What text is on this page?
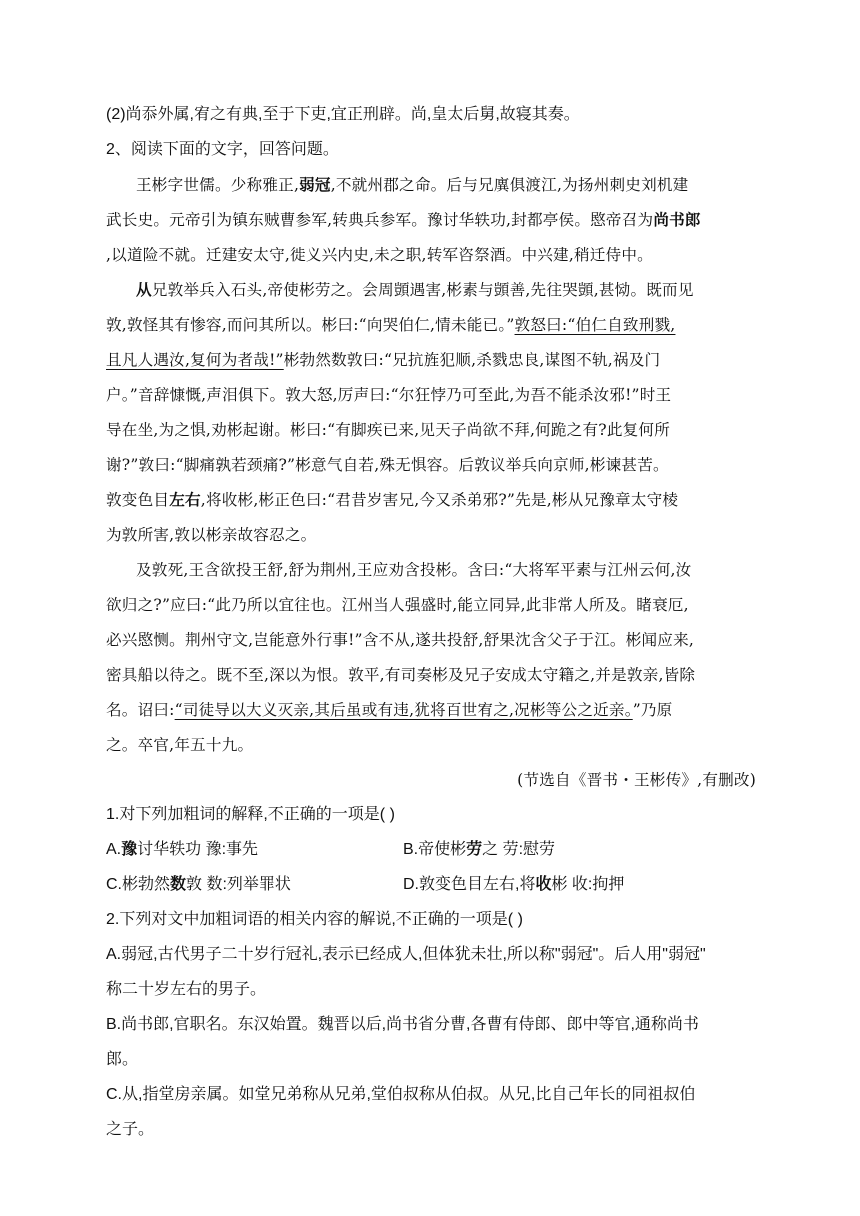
(2)尚忝外属,宥之有典,至于下吏,宜正刑辟。尚,皇太后舅,故寝其奏。
2、阅读下面的文字，回答问题。
王彬字世儒。少称雅正,弱冠,不就州郡之命。后与兄廙俱渡江,为扬州刺史刘机建
武长史。元帝引为镇东贼曹参军,转典兵参军。豫讨华轶功,封都亭侯。愍帝召为尚书郎
,以道险不就。迁建安太守,徙义兴内史,未之职,转军咨祭酒。中兴建,稍迁侍中。
从兄敦举兵入石头,帝使彬劳之。会周顗遇害,彬素与顗善,先往哭顗,甚恸。既而见
敦,敦怪其有惨容,而问其所以。彬曰:“向哭伯仁,情未能已。”敦怒曰:“伯仁自致刑戮,
且凡人遇汝,复何为者哉!”彬勃然数敦曰:“兄抗旌犯顺,杀戮忠良,谋图不轨,祸及门
户。”音辞慷慨,声泪俱下。敦大怒,厉声曰:“尔狂悖乃可至此,为吾不能杀汝邪!”时王
导在坐,为之惧,劝彬起谢。彬曰:“有脚疾已来,见天子尚欲不拜,何跪之有?此复何所
谢?”敦曰:“脚痛孰若颈痛?”彬意气自若,殊无惧容。后敦议举兵向京师,彬谏甚苦。
敦变色目左右,将收彬,彬正色曰:“君昔岁害兄,今又杀弟邪?”先是,彬从兄豫章太守棱
为敦所害,敦以彬亲故容忍之。
及敦死,王含欲投王舒,舒为荆州,王应劝含投彬。含曰:“大将军平素与江州云何,汝
欲归之?”应曰:“此乃所以宜往也。江州当人强盛时,能立同异,此非常人所及。睹衰厄,
必兴愍恻。荆州守文,岂能意外行事!”含不从,遂共投舒,舒果沈含父子于江。彬闻应来,
密具船以待之。既不至,深以为恨。敦平,有司奏彬及兄子安成太守籍之,并是敦亲,皆除
名。诏曰:“司徒导以大义灭亲,其后虽或有违,犹将百世宥之,况彬等公之近亲。”乃原
之。卒官,年五十九。
(节选自《晋书・王彬传》,有删改)
1.对下列加粗词的解释,不正确的一项是( )
A.豫讨华轶功 豫:事先	B.帝使彬劳之 劳:慰劳
C.彬勃然数敦 数:列举罪状	D.敦变色目左右,将收彬 收:拘押
2.下列对文中加粗词语的相关内容的解说,不正确的一项是( )
A.弱冠,古代男子二十岁行冠礼,表示已经成人,但体犹未壮,所以称"弱冠"。后人用"弱冠"
称二十岁左右的男子。
B.尚书郎,官职名。东汉始置。魏晋以后,尚书省分曹,各曹有侍郎、郎中等官,通称尚书
郎。
C.从,指堂房亲属。如堂兄弟称从兄弟,堂伯叔称从伯叔。从兄,比自己年长的同祖叔伯
之子。
